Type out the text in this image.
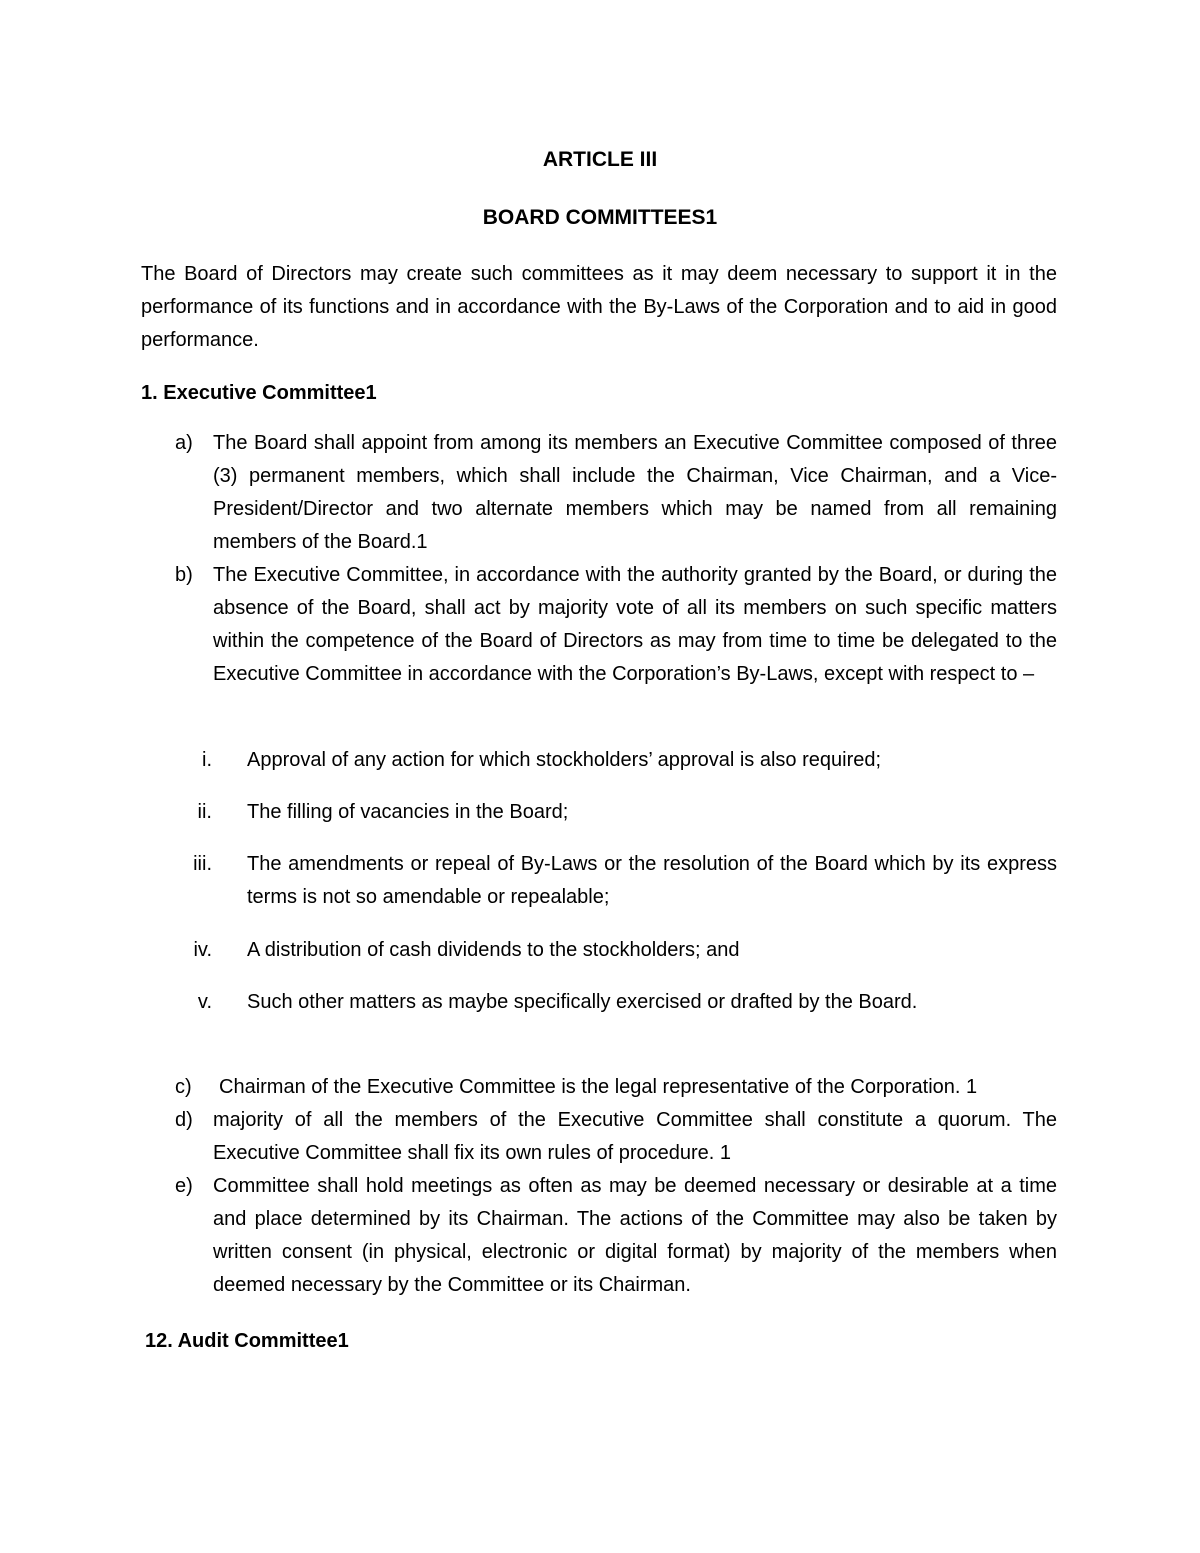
ARTICLE III
BOARD COMMITTEES1
The Board of Directors may create such committees as it may deem necessary to support it in the performance of its functions and in accordance with the By-Laws of the Corporation and to aid in good performance.
1. Executive Committee1
a) The Board shall appoint from among its members an Executive Committee composed of three (3) permanent members, which shall include the Chairman, Vice Chairman, and a Vice-President/Director and two alternate members which may be named from all remaining members of the Board.1
b) The Executive Committee, in accordance with the authority granted by the Board, or during the absence of the Board, shall act by majority vote of all its members on such specific matters within the competence of the Board of Directors as may from time to time be delegated to the Executive Committee in accordance with the Corporation’s By-Laws, except with respect to –
i. Approval of any action for which stockholders’ approval is also required;
ii. The filling of vacancies in the Board;
iii. The amendments or repeal of By-Laws or the resolution of the Board which by its express terms is not so amendable or repealable;
iv. A distribution of cash dividends to the stockholders; and
v. Such other matters as maybe specifically exercised or drafted by the Board.
c) Chairman of the Executive Committee is the legal representative of the Corporation. 1
d) majority of all the members of the Executive Committee shall constitute a quorum. The Executive Committee shall fix its own rules of procedure. 1
e) Committee shall hold meetings as often as may be deemed necessary or desirable at a time and place determined by its Chairman. The actions of the Committee may also be taken by written consent (in physical, electronic or digital format) by majority of the members when deemed necessary by the Committee or its Chairman.
12. Audit Committee1
